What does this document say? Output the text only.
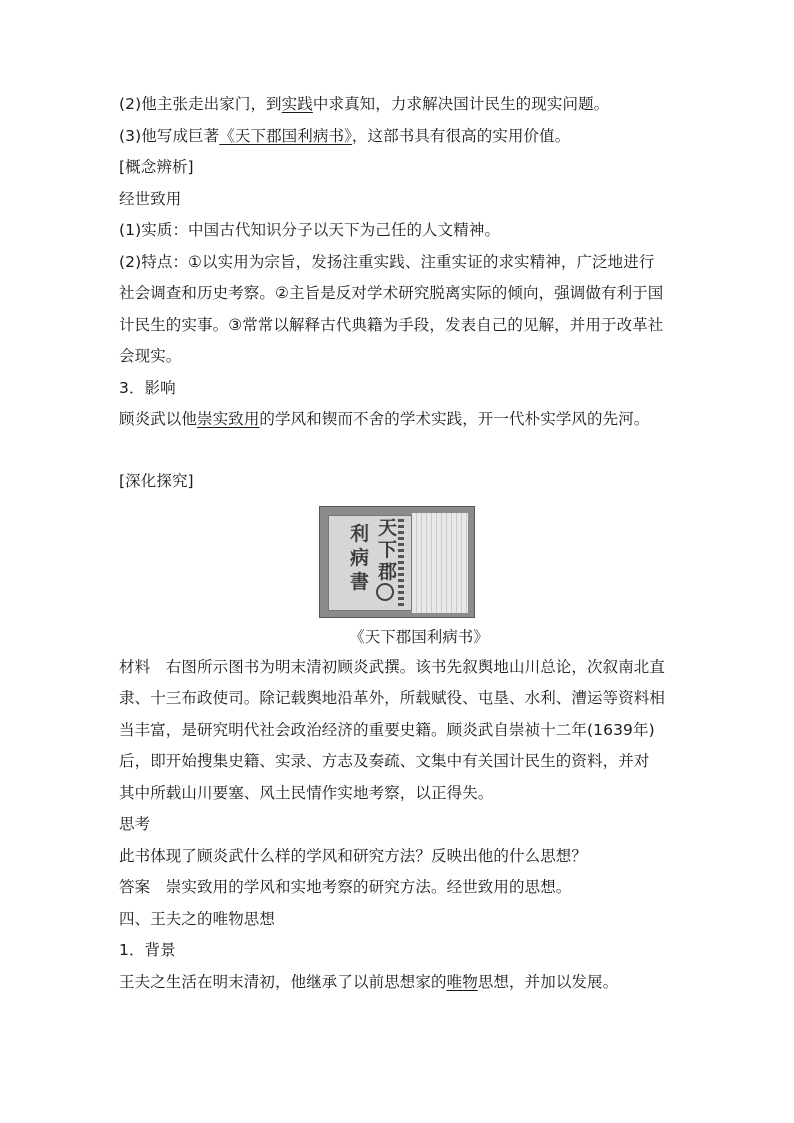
(2)他主张走出家门，到实践中求真知，力求解决国计民生的现实问题。
(3)他写成巨著《天下郡国利病书》，这部书具有很高的实用价值。
[概念辨析]
经世致用
(1)实质：中国古代知识分子以天下为己任的人文精神。
(2)特点：①以实用为宗旨，发扬注重实践、注重实证的求实精神，广泛地进行
社会调查和历史考察。②主旨是反对学术研究脱离实际的倾向，强调做有利于国
计民生的实事。③常常以解释古代典籍为手段，发表自己的见解，并用于改革社
会现实。
3．影响
顾炎武以他崇实致用的学风和锲而不舍的学术实践，开一代朴实学风的先河。
[深化探究]
天
下
郡
利
病
書
《天下郡国利病书》
材料　右图所示图书为明末清初顾炎武撰。该书先叙舆地山川总论，次叙南北直
隶、十三布政使司。除记载舆地沿革外，所载赋役、屯垦、水利、漕运等资料相
当丰富，是研究明代社会政治经济的重要史籍。顾炎武自崇祯十二年(1639年)
后，即开始搜集史籍、实录、方志及奏疏、文集中有关国计民生的资料，并对
其中所载山川要塞、风土民情作实地考察，以正得失。
思考
此书体现了顾炎武什么样的学风和研究方法？反映出他的什么思想？
答案　崇实致用的学风和实地考察的研究方法。经世致用的思想。
四、王夫之的唯物思想
1．背景
王夫之生活在明末清初，他继承了以前思想家的唯物思想，并加以发展。
